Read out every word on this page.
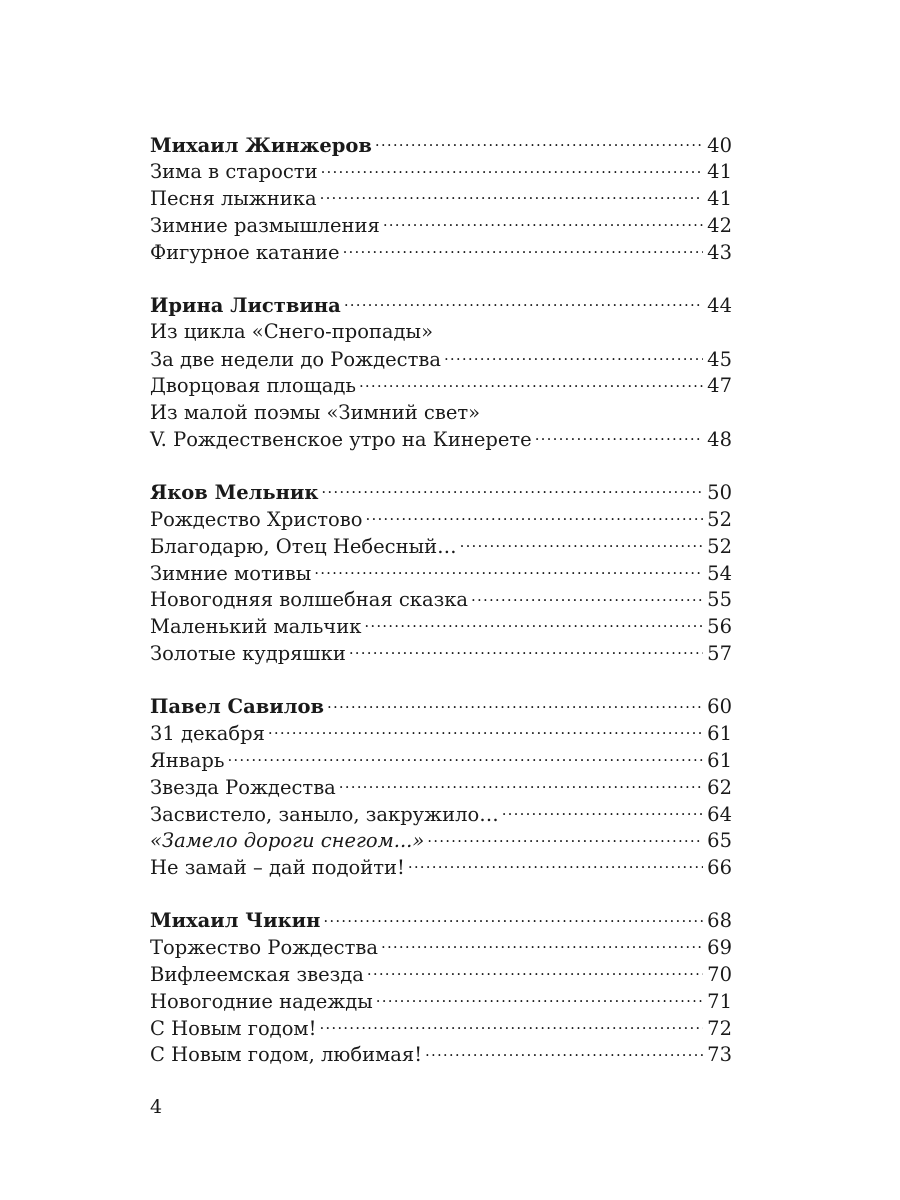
Михаил Жинжеров .....	40
Зима в старости .....	41
Песня лыжника .....	41
Зимние размышления .....	42
Фигурное катание .....	43
Ирина Листвина .....	44
Из цикла «Снего-пропады»
За две недели до Рождества .....	45
Дворцовая площадь .....	47
Из малой поэмы «Зимний свет»
V. Рождественское утро на Кинерете .....	48
Яков Мельник .....	50
Рождество Христово .....	52
Благодарю, Отец Небесный… .....	52
Зимние мотивы .....	54
Новогодняя волшебная сказка .....	55
Маленький мальчик .....	56
Золотые кудряшки .....	57
Павел Савилов .....	60
31 декабря .....	61
Январь .....	61
Звезда Рождества .....	62
Засвистело, заныло, закружило… .....	64
«Замело дороги снегом...» .....	65
Не замай – дай подойти! .....	66
Михаил Чикин .....	68
Торжество Рождества .....	69
Вифлеемская звезда .....	70
Новогодние надежды .....	71
С Новым годом! .....	72
С Новым годом, любимая! .....	73
4
